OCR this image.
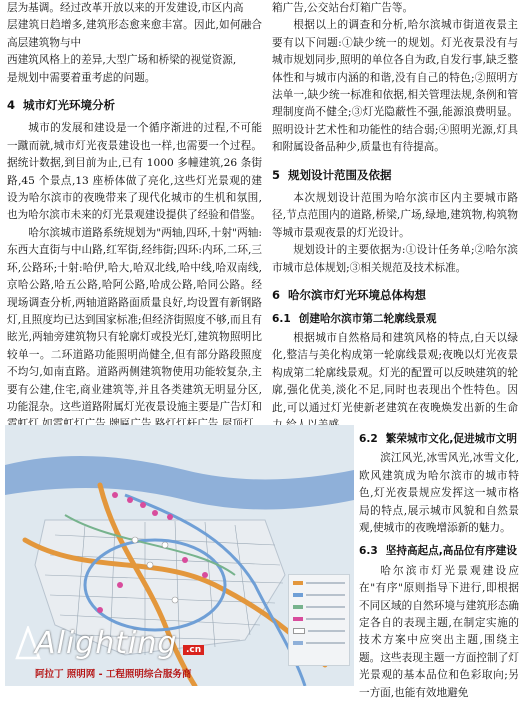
层为基调。经过改革开放以来的开发建设,市区内高

层建筑日趋增多,建筑形态愈来愈丰富。因此,如何融合高层建筑物与中

西建筑风格上的差异,大型广场和桥梁的视觉资源,

是规划中需要着重考虑的问题。

4 城市灯光环境分析

城市的发展和建设是一个循序渐进的过程,不可能一蹴而就,城市灯光夜景建设也一样,也需要一个过程。据统计数据,到目前为止,已有 1000 多幢建筑,26 条街路,45 个景点,13 座桥体做了亮化,这些灯光景观的建设为哈尔滨市的夜晚带来了现代化城市的生机和氛围,也为哈尔滨市未来的灯光景观建设提供了经验和借鉴。

哈尔滨城市道路系统规划为"两轴,四环,十射"两轴:东西大直街与中山路,红军街,经纬街;四环:内环,二环,三环,公路环;十射:哈伊,哈大,哈双北线,哈中线,哈双南线,京哈公路,哈五公路,哈阿公路,哈成公路,哈同公路。经现场调查分析,两轴道路路面质量良好,均设置有新钢路灯,且照度均已达到国家标准;但经济街照度不够,而且有眩光,两轴旁建筑物只有轮廓灯或投光灯,建筑物照明比较单一。二环道路功能照明尚健全,但有部分路段照度不均匀,如南直路。道路两侧建筑物使用功能较复杂,主要有公建,住宅,商业建筑等,并且各类建筑无明显分区,功能混杂。这些道路附属灯光夜景设施主要是广告灯和

箱广告,公交站台灯箱广告等。

根据以上的调查和分析,哈尔滨城市街道夜景主要有以下问题:①缺少统一的规划。灯光夜景没有与城市规划同步,照明的单位各自为政,自发行事,缺乏整体性和与城市内涵的和谐,没有自己的特色;②照明方法单一,缺少统一标准和依据,相关管理法规,条例和管理制度尚不健全;③灯光隐蔽性不强,能源浪费明显。照明设计艺术性和功能性的结合弱;④照明光源,灯具和附属设备品种少,质量也有待提高。

5 规划设计范围及依据

本次规划设计范围为哈尔滨市区内主要城市路径,节点范围内的道路,桥梁,广场,绿地,建筑物,构筑物等城市景观夜景的灯光设计。

规划设计的主要依据为:①设计任务单;②哈尔滨市城市总体规划;③相关规范及技术标准。

6 哈尔滨市灯光环境总体构想
6.1 创建哈尔滨市第二轮廓线景观

根据城市自然格局和建筑风格的特点,白天以绿化,整洁与美化构成第一轮廓线景观;夜晚以灯光夜景构成第二轮廓线景观。灯光的配置可以反映建筑的轮廓,强化优美,淡化不足,同时也表现出个性特色。因此,可以通过灯光使新老建筑在夜晚焕发出新的生命

Alighting .cn
阿拉丁 照明网 - 工程照明综合服务商
6.2 繁荣城市文化,促进城市文明

滨江风光,冰雪风光,冰雪文化,欧风建筑成为哈尔滨市的城市特色,灯光夜景规应发挥这一城市格局的特点,展示城市风貌和自然景观,使城市的夜晚增添新的魅力。

6.3 坚持高起点,高品位有序建设

哈尔滨市灯光景观建设应在"有序"原则指导下进行,即根据不同区域的自然环境与建筑形态确定各自的表现主题,在制定实施的技术方案中应突出主题,围绕主题。这些表现主题一方面控制了灯光景观的基本品位和色彩取向;另一方面,也能有效地避免
